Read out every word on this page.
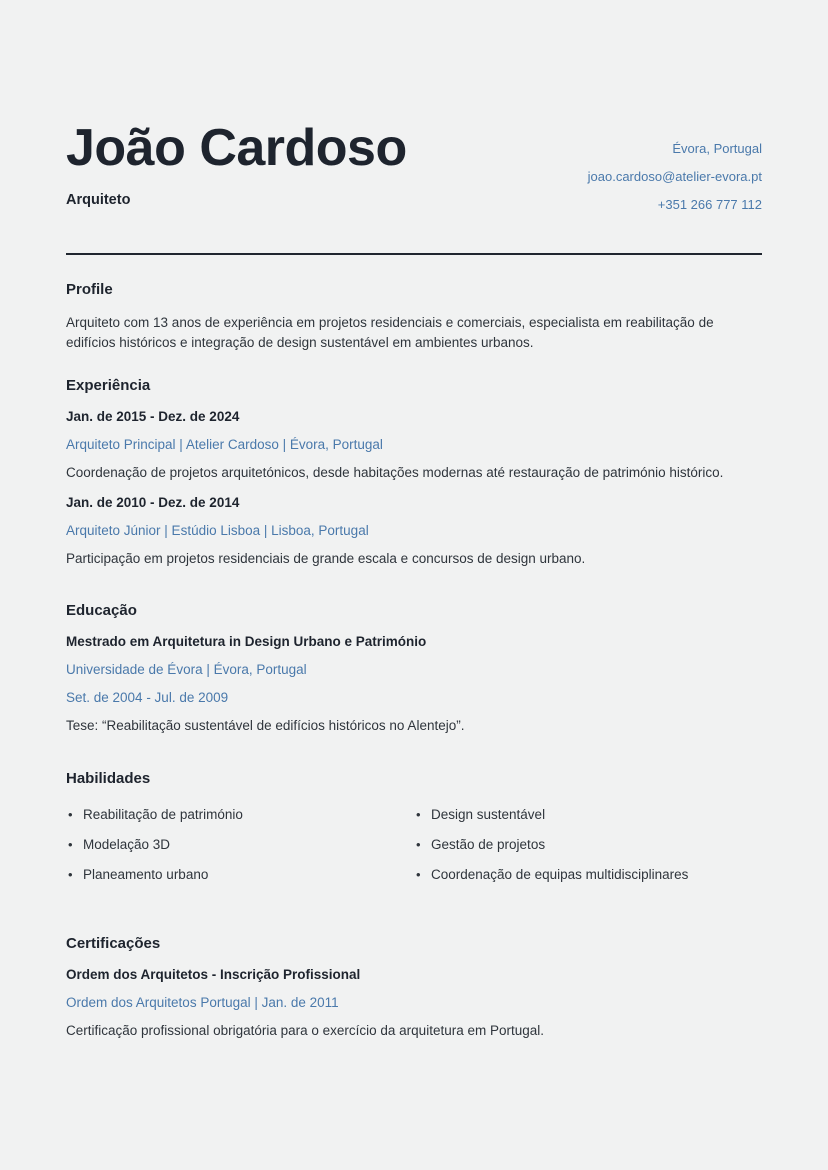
João Cardoso
Arquiteto
Évora, Portugal
joao.cardoso@atelier-evora.pt
+351 266 777 112
Profile

Arquiteto com 13 anos de experiência em projetos residenciais e comerciais, especialista em reabilitação de edifícios históricos e integração de design sustentável em ambientes urbanos.

Experiência
Jan. de 2015 - Dez. de 2024
Arquiteto Principal | Atelier Cardoso | Évora, Portugal
Coordenação de projetos arquitetónicos, desde habitações modernas até restauração de património histórico.
Jan. de 2010 - Dez. de 2014
Arquiteto Júnior | Estúdio Lisboa | Lisboa, Portugal
Participação em projetos residenciais de grande escala e concursos de design urbano.
Educação
Mestrado em Arquitetura in Design Urbano e Património
Universidade de Évora | Évora, Portugal
Set. de 2004 - Jul. de 2009
Tese: “Reabilitação sustentável de edifícios históricos no Alentejo”.
Habilidades
• Reabilitação de património
• Modelação 3D
• Planeamento urbano
• Design sustentável
• Gestão de projetos
• Coordenação de equipas multidisciplinares
Certificações
Ordem dos Arquitetos - Inscrição Profissional
Ordem dos Arquitetos Portugal | Jan. de 2011
Certificação profissional obrigatória para o exercício da arquitetura em Portugal.
